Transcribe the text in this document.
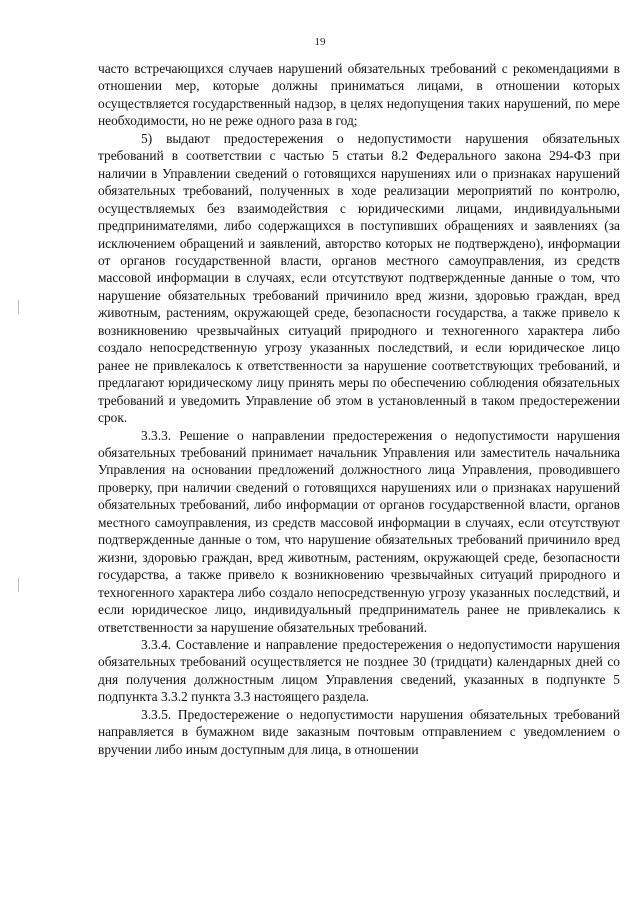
19

часто встречающихся случаев нарушений обязательных требований с рекомендациями в отношении мер, которые должны приниматься лицами, в отношении которых осуществляется государственный надзор, в целях недопущения таких нарушений, по мере необходимости, но не реже одного раза в год;

5) выдают предостережения о недопустимости нарушения обязательных требований в соответствии с частью 5 статьи 8.2 Федерального закона 294-ФЗ при наличии в Управлении сведений о готовящихся нарушениях или о признаках нарушений обязательных требований, полученных в ходе реализации мероприятий по контролю, осуществляемых без взаимодействия с юридическими лицами, индивидуальными предпринимателями, либо содержащихся в поступивших обращениях и заявлениях (за исключением обращений и заявлений, авторство которых не подтверждено), информации от органов государственной власти, органов местного самоуправления, из средств массовой информации в случаях, если отсутствуют подтвержденные данные о том, что нарушение обязательных требований причинило вред жизни, здоровью граждан, вред животным, растениям, окружающей среде, безопасности государства, а также привело к возникновению чрезвычайных ситуаций природного и техногенного характера либо создало непосредственную угрозу указанных последствий, и если юридическое лицо ранее не привлекалось к ответственности за нарушение соответствующих требований, и предлагают юридическому лицу принять меры по обеспечению соблюдения обязательных требований и уведомить Управление об этом в установленный в таком предостережении срок.

3.3.3. Решение о направлении предостережения о недопустимости нарушения обязательных требований принимает начальник Управления или заместитель начальника Управления на основании предложений должностного лица Управления, проводившего проверку, при наличии сведений о готовящихся нарушениях или о признаках нарушений обязательных требований, либо информации от органов государственной власти, органов местного самоуправления, из средств массовой информации в случаях, если отсутствуют подтвержденные данные о том, что нарушение обязательных требований причинило вред жизни, здоровью граждан, вред животным, растениям, окружающей среде, безопасности государства, а также привело к возникновению чрезвычайных ситуаций природного и техногенного характера либо создало непосредственную угрозу указанных последствий, и если юридическое лицо, индивидуальный предприниматель ранее не привлекались к ответственности за нарушение обязательных требований.

3.3.4. Составление и направление предостережения о недопустимости нарушения обязательных требований осуществляется не позднее 30 (тридцати) календарных дней со дня получения должностным лицом Управления сведений, указанных в подпункте 5 подпункта 3.3.2 пункта 3.3 настоящего раздела.

3.3.5. Предостережение о недопустимости нарушения обязательных требований направляется в бумажном виде заказным почтовым отправлением с уведомлением о вручении либо иным доступным для лица, в отношении
